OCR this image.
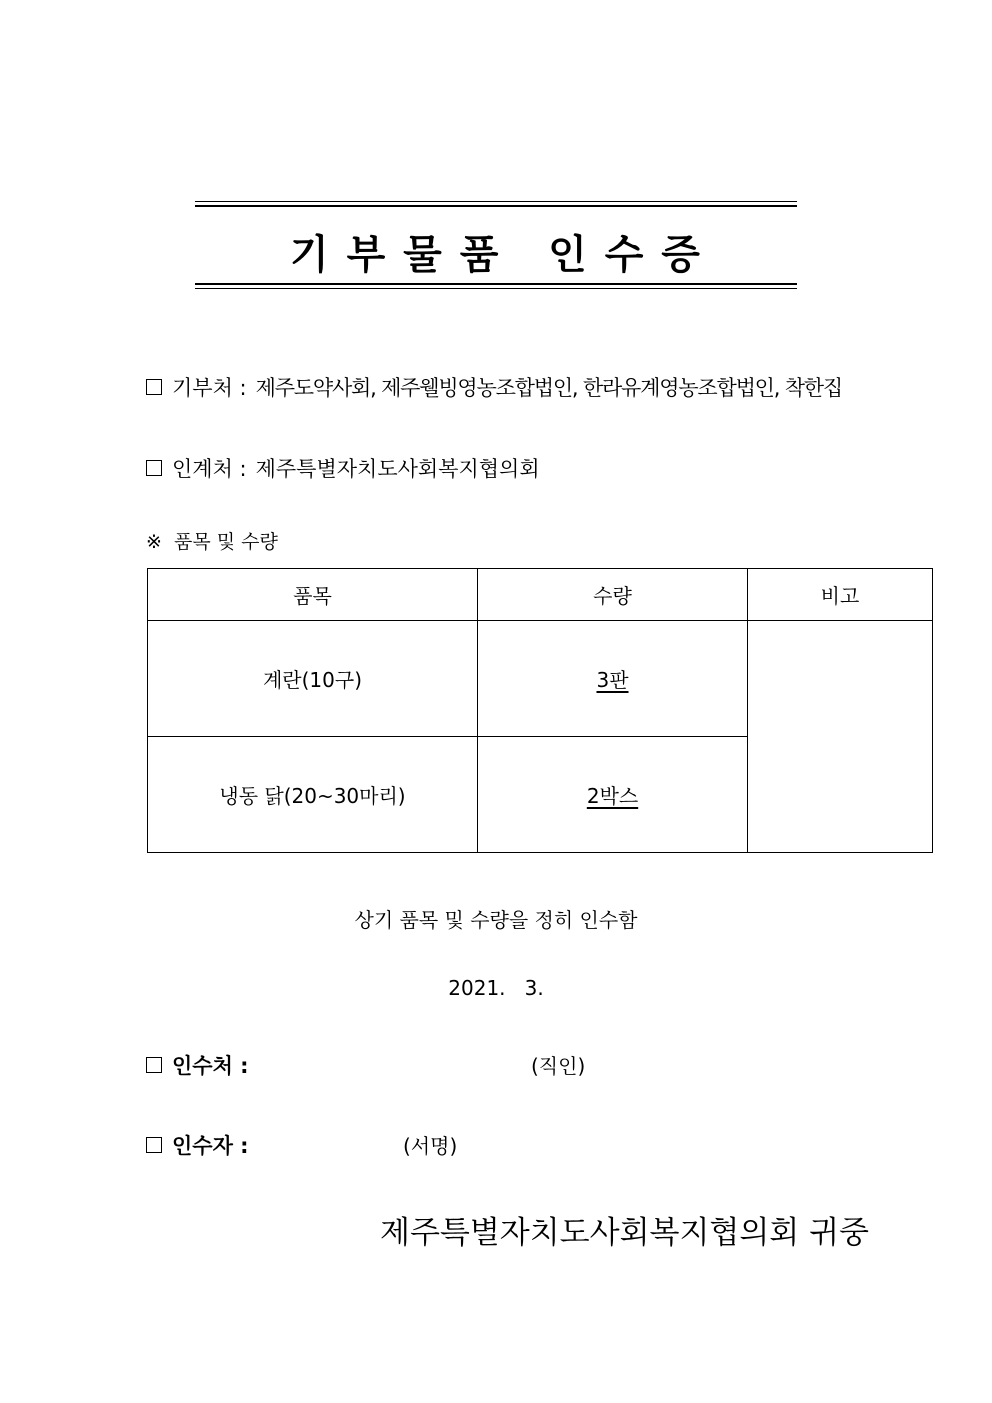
기 부 물 품   인 수 증
기부처 : 제주도약사회, 제주웰빙영농조합법인, 한라유계영농조합법인, 착한집
인계처 : 제주특별자치도사회복지협의회
※ 품목 및 수량
품목	수량	비고
계란(10구)	3판	
냉동 닭(20~30마리)	2박스	
상기 품목 및 수량을 정히 인수함
2021.   3.
인수처 :	(직인)
인수자 :	(서명)
제주특별자치도사회복지협의회 귀중
